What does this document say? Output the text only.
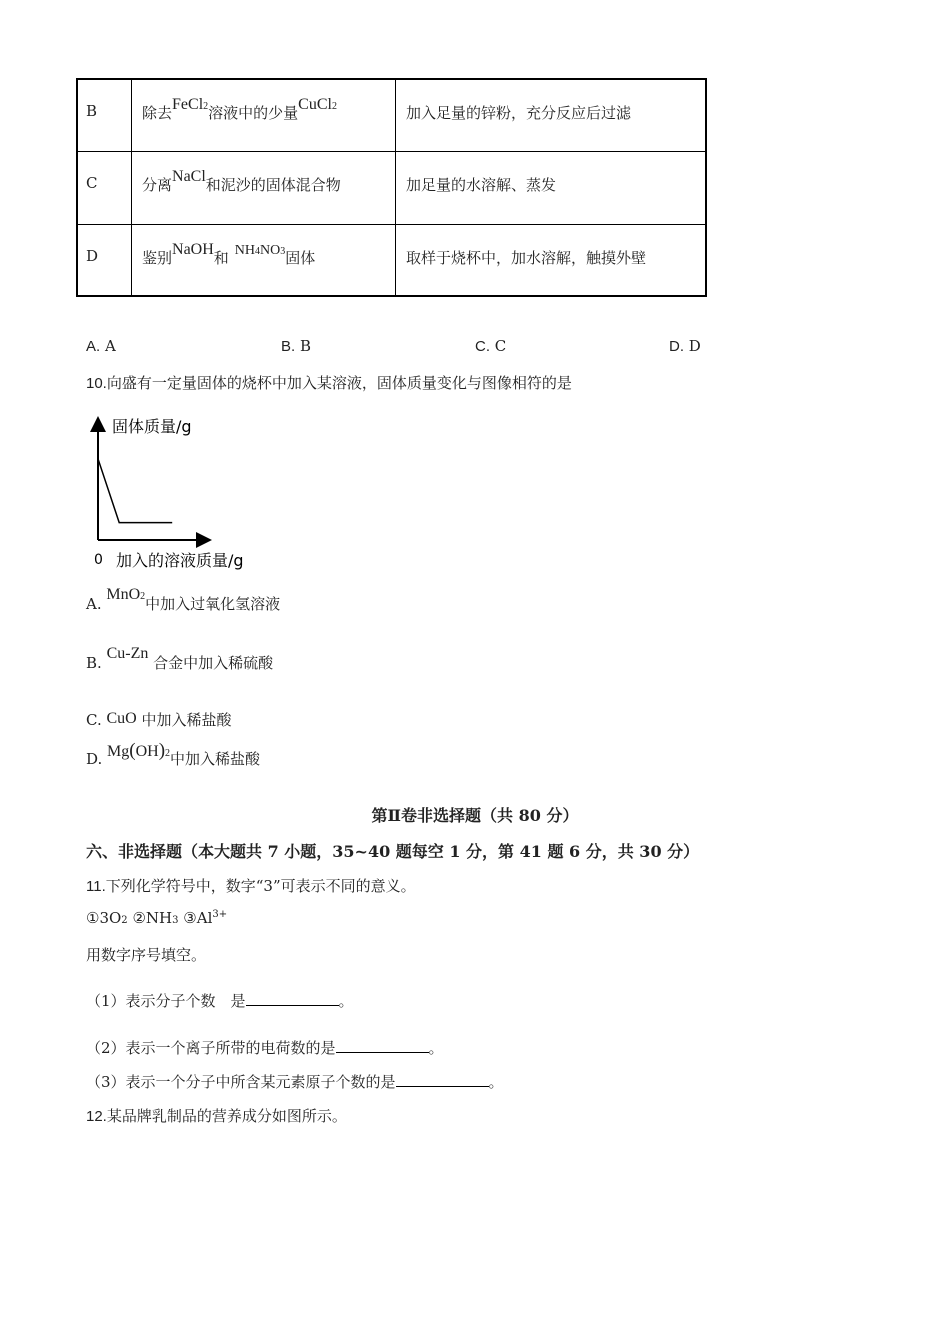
B	除去FeCl2溶液中的少量CuCl2	加入足量的锌粉，充分反应后过滤
C	分离NaCl和泥沙的固体混合物	加足量的水溶解、蒸发
D	鉴别NaOH和 NH4NO3固体	取样于烧杯中，加水溶解，触摸外壁
A. A	B. B	C. C	D. D
10.向盛有一定量固体的烧杯中加入某溶液，固体质量变化与图像相符的是
固体质量/g
0 加入的溶液质量/g
A. MnO2中加入过氧化氢溶液
B. Cu-Zn 合金中加入稀硫酸
C. CuO 中加入稀盐酸
D. Mg(OH)2中加入稀盐酸
第Ⅱ卷非选择题（共 80 分）
六、非选择题（本大题共 7 小题，35~40 题每空 1 分，第 41 题 6 分，共 30 分）
11.下列化学符号中，数字“3”可表示不同的意义。
①3O2 ②NH3 $③Al^{3+}$
用数字序号填空。
（1）表示分子个数　是	。
（2）表示一个离子所带的电荷数的是	。
（3）表示一个分子中所含某元素原子个数的是	。
12.某品牌乳制品的营养成分如图所示。
